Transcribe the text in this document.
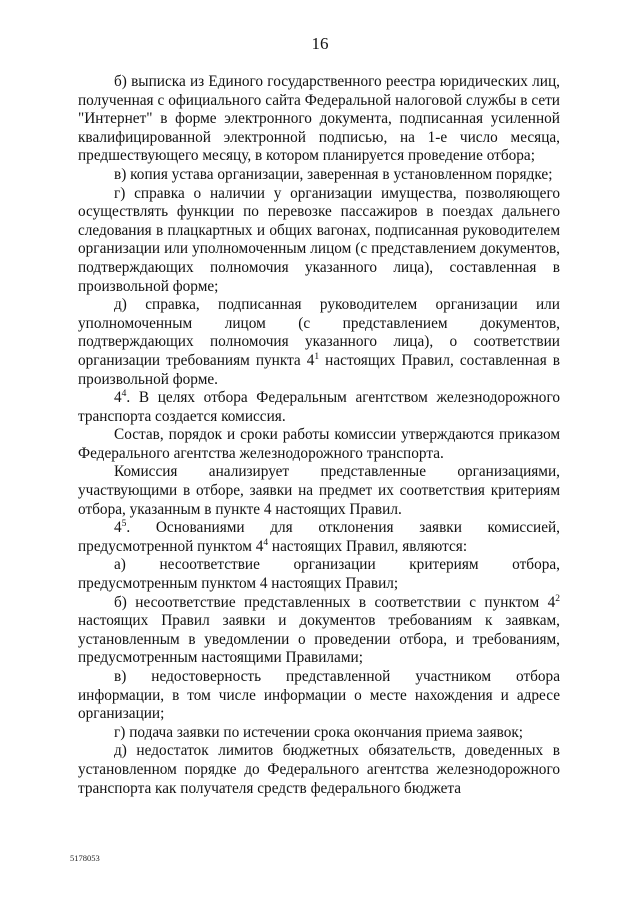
16

б) выписка из Единого государственного реестра юридических лиц, полученная с официального сайта Федеральной налоговой службы в сети "Интернет" в форме электронного документа, подписанная усиленной квалифицированной электронной подписью, на 1-е число месяца, предшествующего месяцу, в котором планируется проведение отбора;

в) копия устава организации, заверенная в установленном порядке;

г) справка о наличии у организации имущества, позволяющего осуществлять функции по перевозке пассажиров в поездах дальнего следования в плацкартных и общих вагонах, подписанная руководителем организации или уполномоченным лицом (с представлением документов, подтверждающих полномочия указанного лица), составленная в произвольной форме;

д) справка, подписанная руководителем организации или уполномоченным лицом (с представлением документов, подтверждающих полномочия указанного лица), о соответствии организации требованиям пункта $4^1$ настоящих Правил, составленная в произвольной форме.

$4^4$. В целях отбора Федеральным агентством железнодорожного транспорта создается комиссия.

Состав, порядок и сроки работы комиссии утверждаются приказом Федерального агентства железнодорожного транспорта.

Комиссия анализирует представленные организациями, участвующими в отборе, заявки на предмет их соответствия критериям отбора, указанным в пункте 4 настоящих Правил.

$4^5$. Основаниями для отклонения заявки комиссией, предусмотренной пунктом $4^4$ настоящих Правил, являются:

а) несоответствие организации критериям отбора, предусмотренным пунктом 4 настоящих Правил;

б) несоответствие представленных в соответствии с пунктом $4^2$ настоящих Правил заявки и документов требованиям к заявкам, установленным в уведомлении о проведении отбора, и требованиям, предусмотренным настоящими Правилами;

в) недостоверность представленной участником отбора информации, в том числе информации о месте нахождения и адресе организации;

г) подача заявки по истечении срока окончания приема заявок;

д) недостаток лимитов бюджетных обязательств, доведенных в установленном порядке до Федерального агентства железнодорожного транспорта как получателя средств федерального бюджета

5178053
